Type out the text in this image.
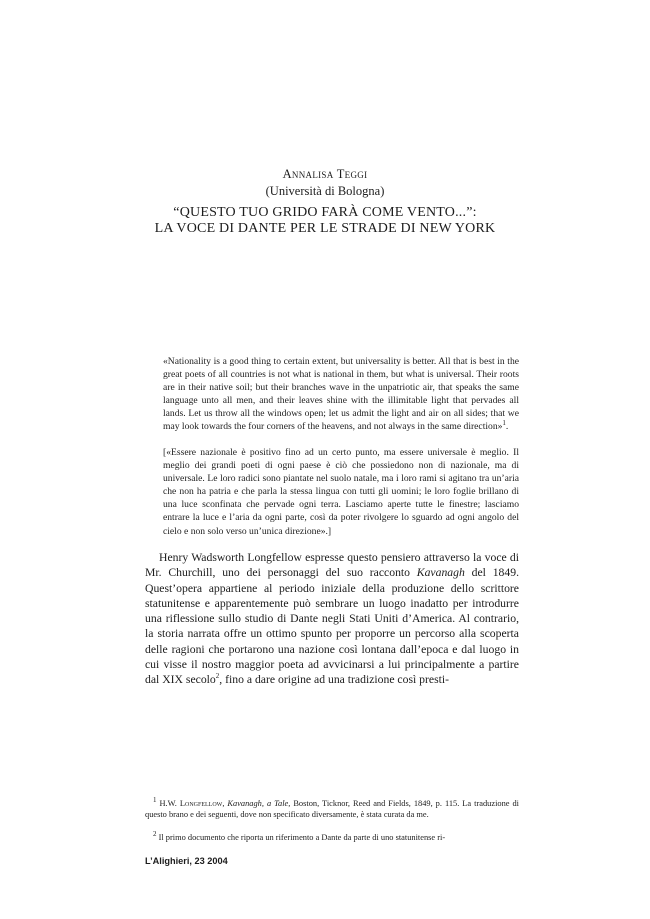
Annalisa Teggi
(Università di Bologna)
“QUESTO TUO GRIDO FARÀ COME VENTO...”:
LA VOCE DI DANTE PER LE STRADE DI NEW YORK
«Nationality is a good thing to certain extent, but universality is better. All that is best in the great poets of all countries is not what is national in them, but what is universal. Their roots are in their native soil; but their branches wave in the unpatriotic air, that speaks the same language unto all men, and their leaves shine with the illimitable light that pervades all lands. Let us throw all the windows open; let us admit the light and air on all sides; that we may look towards the four corners of the heavens, and not always in the same direction»$^1$.
[«Essere nazionale è positivo fino ad un certo punto, ma essere universale è meglio. Il meglio dei grandi poeti di ogni paese è ciò che possiedono non di nazionale, ma di universale. Le loro radici sono piantate nel suolo natale, ma i loro rami si agitano tra un’aria che non ha patria e che parla la stessa lingua con tutti gli uomini; le loro foglie brillano di una luce sconfinata che pervade ogni terra. Lasciamo aperte tutte le finestre; lasciamo entrare la luce e l’aria da ogni parte, così da poter rivolgere lo sguardo ad ogni angolo del cielo e non solo verso un’unica direzione».]

Henry Wadsworth Longfellow espresse questo pensiero attraverso la voce di Mr. Churchill, uno dei personaggi del suo racconto Kavanagh del 1849. Quest’opera appartiene al periodo iniziale della produzione dello scrittore statunitense e apparentemente può sembrare un luogo inadatto per introdurre una riflessione sullo studio di Dante negli Stati Uniti d’America. Al contrario, la storia narrata offre un ottimo spunto per proporre un percorso alla scoperta delle ragioni che portarono una nazione così lontana dall’epoca e dal luogo in cui visse il nostro maggior poeta ad avvicinarsi a lui principalmente a partire dal XIX secolo$^2$, fino a dare origine ad una tradizione così presti-

$^1$ H.W. Longfellow, Kavanagh, a Tale, Boston, Ticknor, Reed and Fields, 1849, p. 115. La traduzione di questo brano e dei seguenti, dove non specificato diversamente, è stata curata da me.

$^2$ Il primo documento che riporta un riferimento a Dante da parte di uno statunitense ri-

L’Alighieri, 23 2004
